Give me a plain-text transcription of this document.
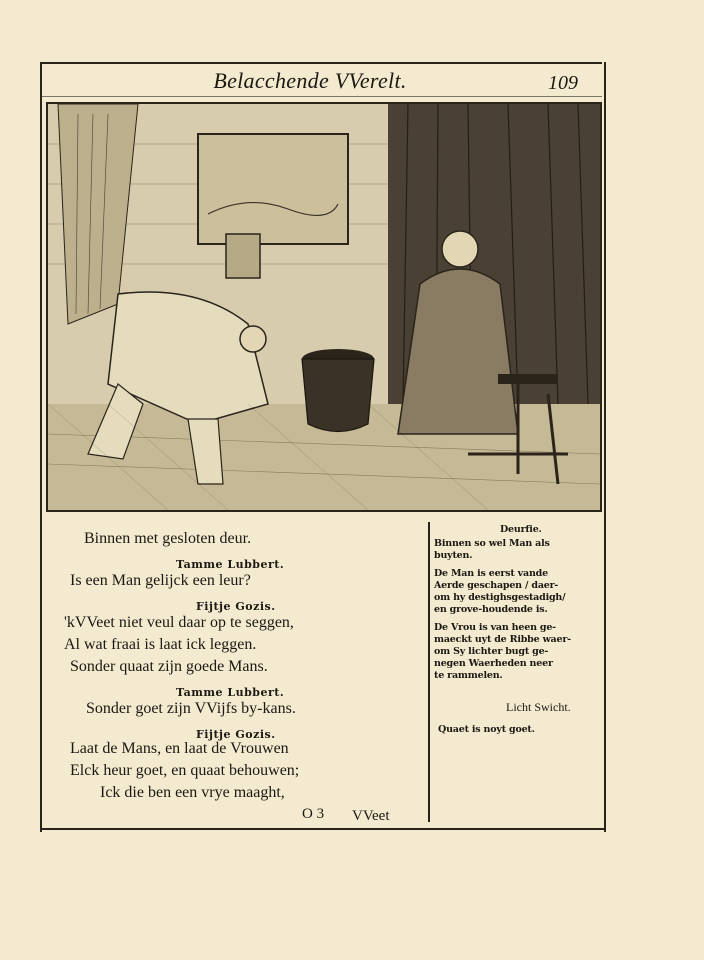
Belacchende VVerelt.	109
Binnen met gesloten deur.
Tamme Lubbert.
Is een Man gelijck een leur?
Fijtje Gozis.
'kVVeet niet veul daar op te seggen,
Al wat fraai is laat ick leggen.
Sonder quaat zijn goede Mans.
Tamme Lubbert.
Sonder goet zijn VVijfs by-kans.
Fijtje Gozis.
Laat de Mans, en laat de Vrouwen
Elck heur goet, en quaat behouwen;
Ick die ben een vrye maaght,
Deurfie.
Binnen so wel Man als
buyten.
De Man is eerst vande
Aerde geschapen / daer-
om hy destighsgestadigh/
en grove-houdende is.
De Vrou is van heen ge-
maeckt uyt de Ribbe waer-
om Sy lichter bugt ge-
negen Waerheden neer
te rammelen.
Licht Swicht.
Quaet is noyt goet.
O 3 VVeet
